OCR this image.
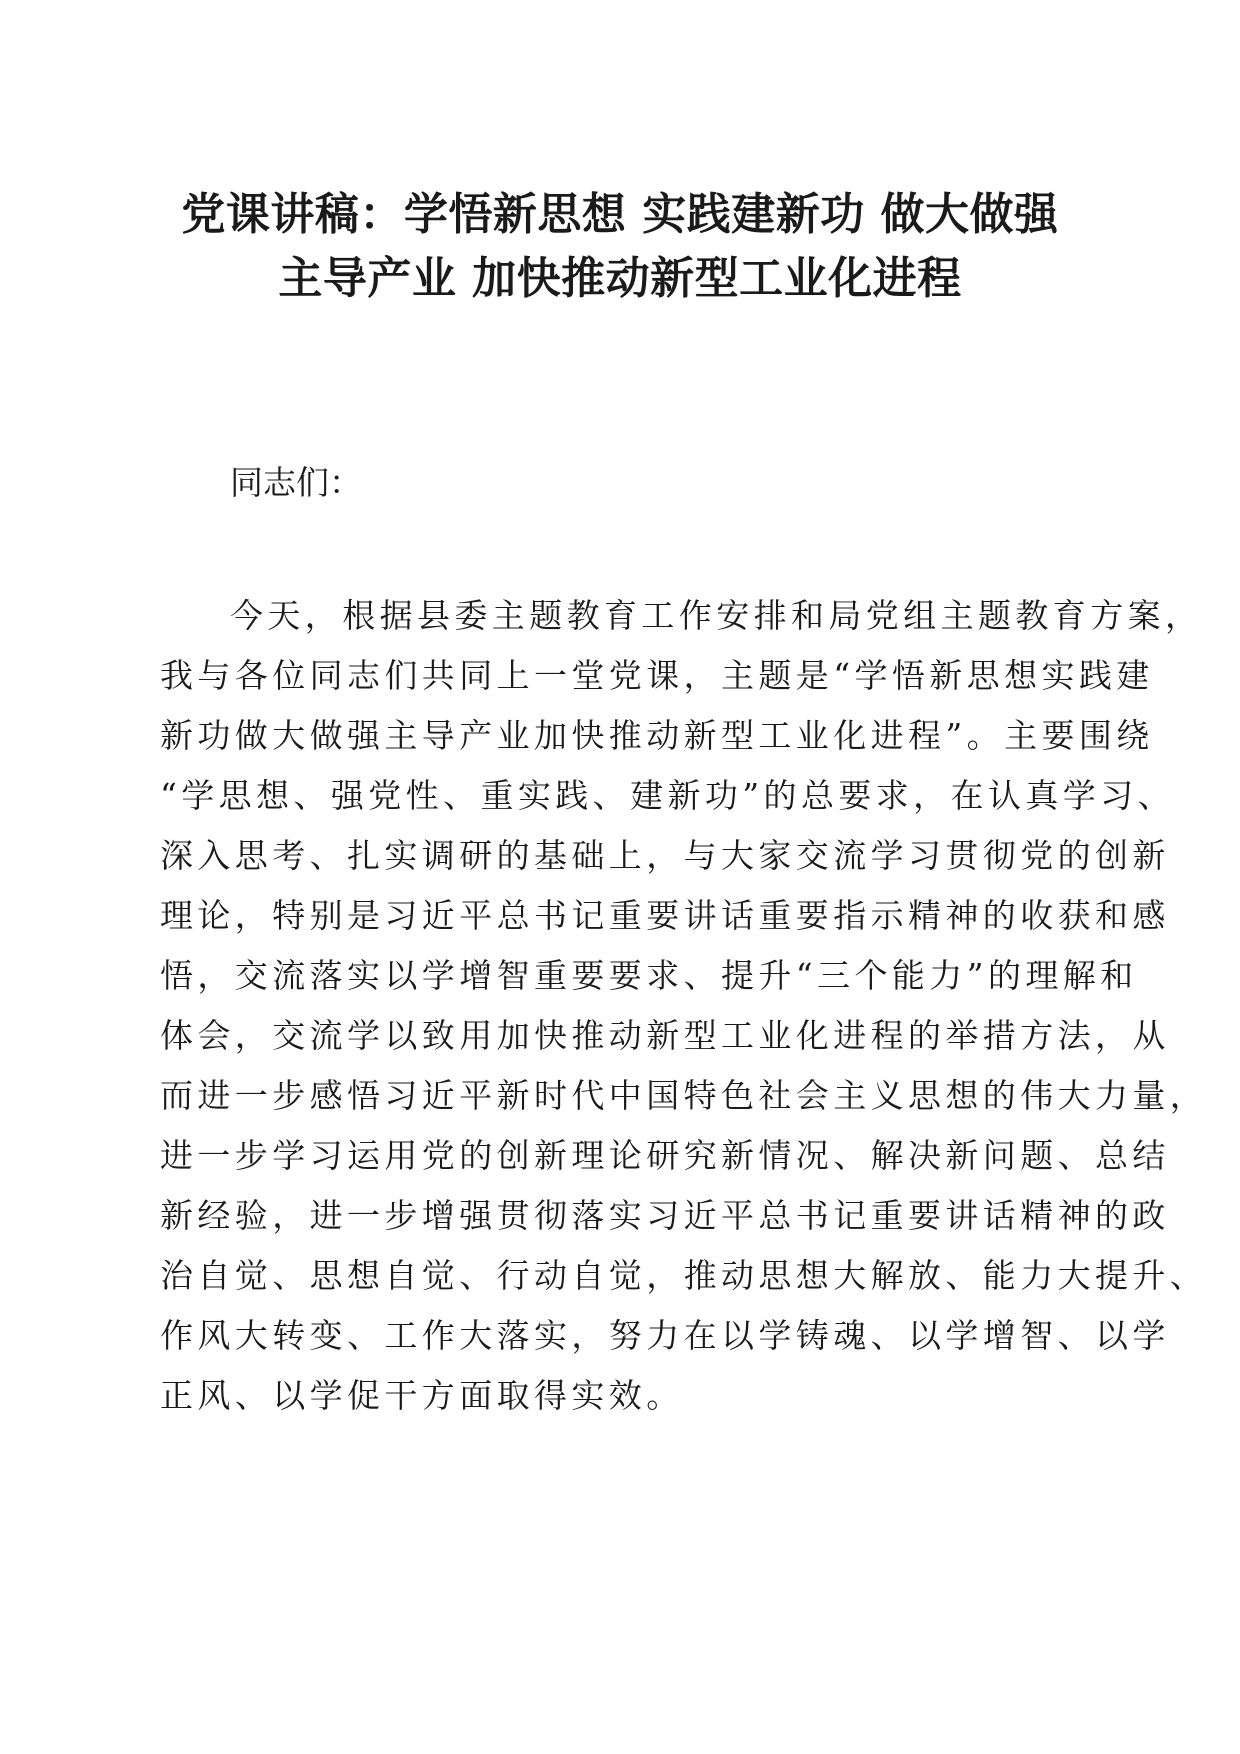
党课讲稿：学悟新思想 实践建新功 做大做强
主导产业 加快推动新型工业化进程

同志们：

今天，根据县委主题教育工作安排和局党组主题教育方案，
我与各位同志们共同上一堂党课，主题是“学悟新思想实践建
新功做大做强主导产业加快推动新型工业化进程”。主要围绕
“学思想、强党性、重实践、建新功”的总要求，在认真学习、
深入思考、扎实调研的基础上，与大家交流学习贯彻党的创新
理论，特别是习近平总书记重要讲话重要指示精神的收获和感
悟，交流落实以学增智重要要求、提升“三个能力”的理解和
体会，交流学以致用加快推动新型工业化进程的举措方法，从
而进一步感悟习近平新时代中国特色社会主义思想的伟大力量，
进一步学习运用党的创新理论研究新情况、解决新问题、总结
新经验，进一步增强贯彻落实习近平总书记重要讲话精神的政
治自觉、思想自觉、行动自觉，推动思想大解放、能力大提升、
作风大转变、工作大落实，努力在以学铸魂、以学增智、以学
正风、以学促干方面取得实效。
